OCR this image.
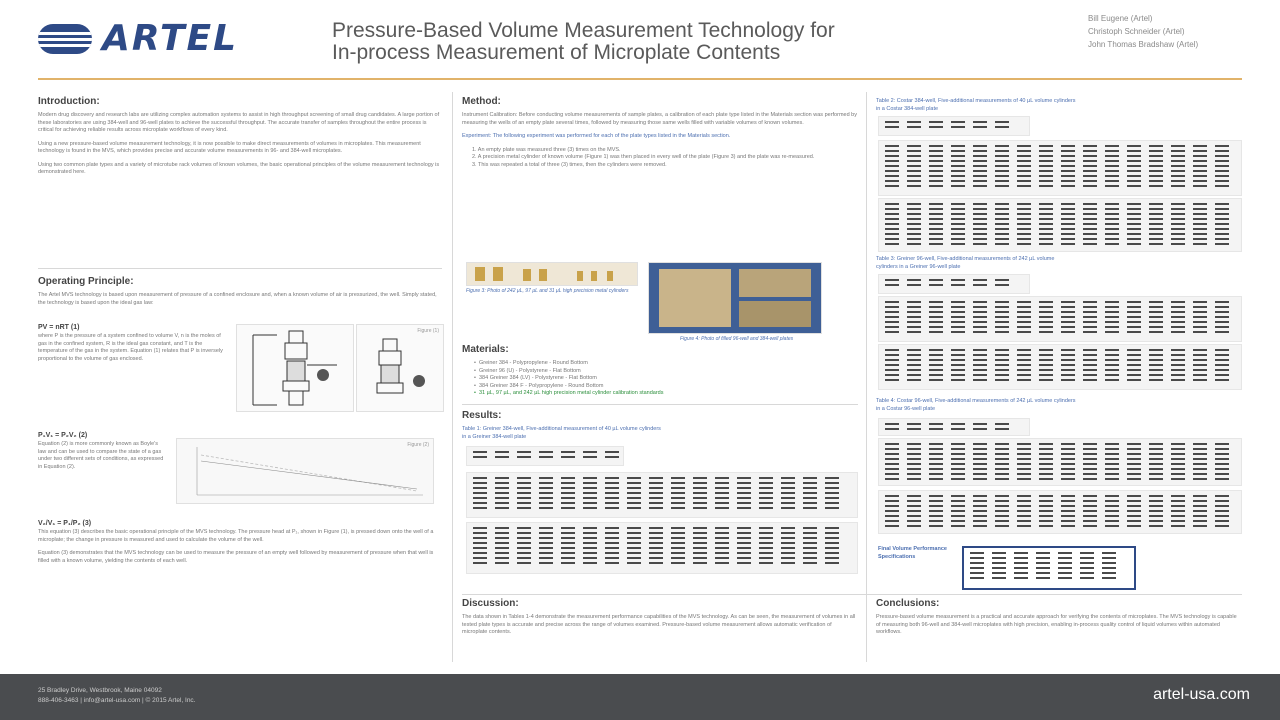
ARTEL	Pressure-Based Volume Measurement Technology for
In-process Measurement of Microplate Contents
Bill Eugene (Artel)
Christoph Schneider (Artel)
John Thomas Bradshaw (Artel)
Introduction:

Modern drug discovery and research labs are utilizing complex automation systems to assist in high throughput screening of small drug candidates. A large portion of these laboratories are using 384-well and 96-well plates to achieve the successful throughput. The accurate transfer of samples throughout the entire process is critical for achieving reliable results across microplate workflows of every kind.

Using a new pressure-based volume measurement technology, it is now possible to make direct measurements of volumes in microplates. This measurement technology is found in the MVS, which provides precise and accurate volume measurements in 96- and 384-well microplates.

Using two common plate types and a variety of microtube rack volumes of known volumes, the basic operational principles of the volume measurement technology is demonstrated here.

Operating Principle:

The Artel MVS technology is based upon measurement of pressure of a confined enclosure and, when a known volume of air is pressurized, the well. Simply stated, the technology is based upon the ideal gas law:

PV = nRT (1)

where P is the pressure of a system confined to volume V, n is the moles of gas in the confined system, R is the ideal gas constant, and T is the temperature of the gas in the system. Equation (1) relates that P is inversely proportional to the volume of gas enclosed.

Figure (1)
P₁V₁ = P₂V₂ (2)

Equation (2) is more commonly known as Boyle's law and can be used to compare the state of a gas under two different sets of conditions, as expressed in Equation (2).

Figure (2)
V₂/V₁ = P₁/P₂ (3)

This equation (3) describes the basic operational principle of the MVS technology. The pressure head at P₁, shown in Figure (1), is pressed down onto the well of a microplate; the change in pressure is measured and used to calculate the volume of the well.

Equation (3) demonstrates that the MVS technology can be used to measure the pressure of an empty well followed by measurement of pressure when that well is filled with a known volume, yielding the contents of each well.

Method:

Instrument Calibration: Before conducting volume measurements of sample plates, a calibration of each plate type listed in the Materials section was performed by measuring the wells of an empty plate several times, followed by measuring those same wells filled with variable volumes of known volumes.

Experiment: The following experiment was performed for each of the plate types listed in the Materials section.

1. An empty plate was measured three (3) times on the MVS.
2. A precision metal cylinder of known volume (Figure 1) was then placed in every well of the plate (Figure 3) and the plate was re-measured.
3. This was repeated a total of three (3) times, then the cylinders were removed.
Figure 3: Photo of 242 µL, 97 µL and 31 µL high precision metal cylinders
Figure 4: Photo of filled 96-well and 384-well plates
Materials:
•  Greiner 384 - Polypropylene - Round Bottom
•  Greiner 96 (U) - Polystyrene - Flat Bottom
•  384 Greiner 384 (LV) - Polystyrene - Flat Bottom
•  384 Greiner 384 F - Polypropylene - Round Bottom
•  31 µL, 97 µL, and 242 µL high precision metal cylinder calibration standards
Results:
Table 1: Greiner 384-well, Five-additional measurement of 40 µL volume cylinders in a Greiner 384-well plate
Table 2: Costar 384-well, Five-additional measurements of 40 µL volume cylinders in a Costar 384-well plate
Table 3: Greiner 96-well, Five-additional measurements of 242 µL volume cylinders in a Greiner 96-well plate
Table 4: Costar 96-well, Five-additional measurements of 242 µL volume cylinders in a Costar 96-well plate
Final Volume Performance Specifications
Discussion:

The data shown in Tables 1-4 demonstrate the measurement performance capabilities of the MVS technology. As can be seen, the measurement of volumes in all tested plate types is accurate and precise across the range of volumes examined. Pressure-based volume measurement allows automatic verification of microplate contents.

Conclusions:

Pressure-based volume measurement is a practical and accurate approach for verifying the contents of microplates. The MVS technology is capable of measuring both 96-well and 384-well microplates with high precision, enabling in-process quality control of liquid volumes within automated workflows.

25 Bradley Drive, Westbrook, Maine 04092
888-406-3463 | info@artel-usa.com | © 2015 Artel, Inc.	artel-usa.com
